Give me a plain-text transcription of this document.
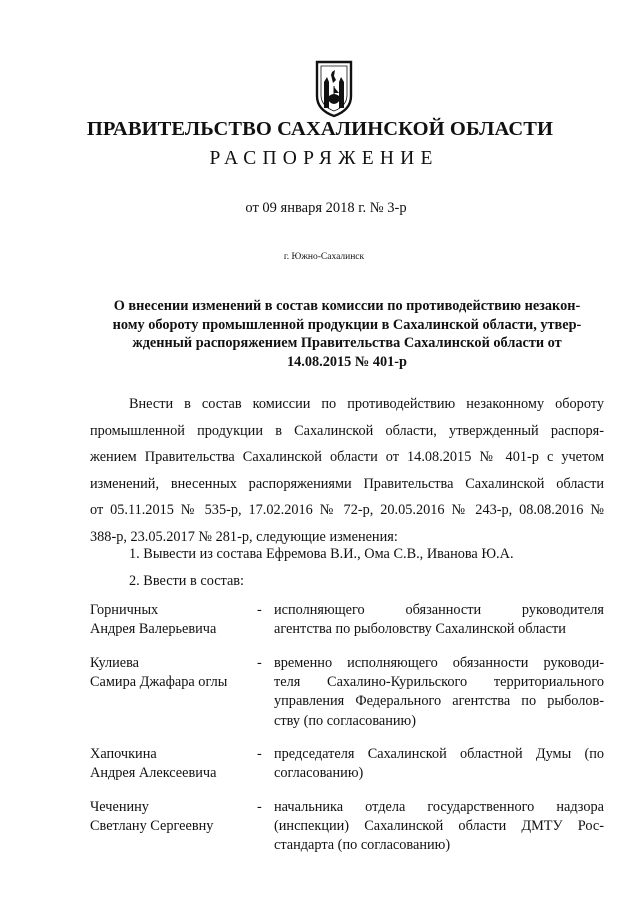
ПРАВИТЕЛЬСТВО САХАЛИНСКОЙ ОБЛАСТИ
РАСПОРЯЖЕНИЕ
от 09 января 2018 г. № 3-р
г. Южно-Сахалинск
О внесении изменений в состав комиссии по противодействию незакон-
ному обороту промышленной продукции в Сахалинской области, утвер-
жденный распоряжением Правительства Сахалинской области от
14.08.2015 № 401-р
Внести в состав комиссии по противодействию незаконному обороту
промышленной продукции в Сахалинской области, утвержденный распоря-
жением Правительства Сахалинской области от 14.08.2015 № 401-р с учетом
изменений, внесенных распоряжениями Правительства Сахалинской области
от 05.11.2015 № 535-р, 17.02.2016 № 72-р, 20.05.2016 № 243-р, 08.08.2016 №
388-р, 23.05.2017 № 281-р, следующие изменения:
1. Вывести из состава Ефремова В.И., Ома С.В., Иванова Ю.А.
2. Ввести в состав:
Горничных
Андрея Валерьевича
- исполняющего обязанности руководителя
агентства по рыболовству Сахалинской области
Кулиева
Самира Джафара оглы
- временно исполняющего обязанности руководи-
теля Сахалино-Курильского территориального
управления Федерального агентства по рыболов-
ству (по согласованию)
Хапочкина
Андрея Алексеевича
- председателя Сахалинской областной Думы (по
согласованию)
Чеченину
Светлану Сергеевну
- начальника отдела государственного надзора
(инспекции) Сахалинской области ДМТУ Рос-
стандарта (по согласованию)
